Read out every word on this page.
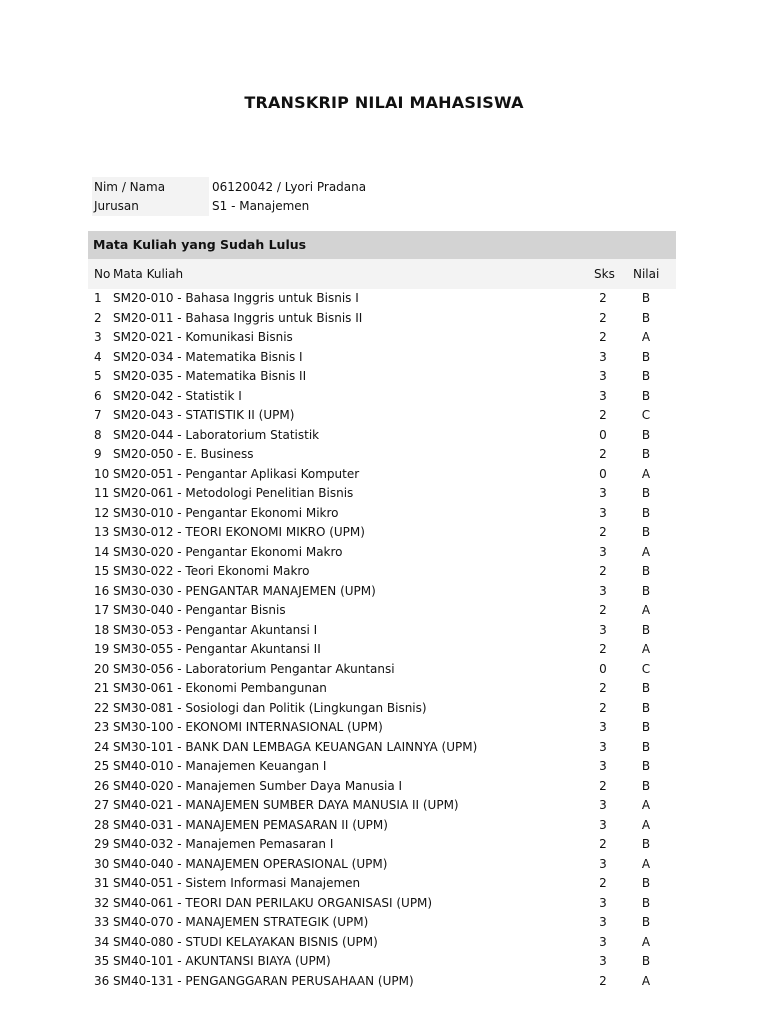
TRANSKRIP NILAI MAHASISWA
Nim / Nama	06120042 / Lyori Pradana
Jurusan	S1 - Manajemen
Mata Kuliah yang Sudah Lulus
No Mata Kuliah	Sks Nilai
1 SM20-010 - Bahasa Inggris untuk Bisnis I	2	B
2 SM20-011 - Bahasa Inggris untuk Bisnis II	2	B
3 SM20-021 - Komunikasi Bisnis	2	A
4 SM20-034 - Matematika Bisnis I	3	B
5 SM20-035 - Matematika Bisnis II	3	B
6 SM20-042 - Statistik I	3	B
7 SM20-043 - STATISTIK II (UPM)	2	C
8 SM20-044 - Laboratorium Statistik	0	B
9 SM20-050 - E. Business	2	B
10 SM20-051 - Pengantar Aplikasi Komputer	0	A
11 SM20-061 - Metodologi Penelitian Bisnis	3	B
12 SM30-010 - Pengantar Ekonomi Mikro	3	B
13 SM30-012 - TEORI EKONOMI MIKRO (UPM)	2	B
14 SM30-020 - Pengantar Ekonomi Makro	3	A
15 SM30-022 - Teori Ekonomi Makro	2	B
16 SM30-030 - PENGANTAR MANAJEMEN (UPM)	3	B
17 SM30-040 - Pengantar Bisnis	2	A
18 SM30-053 - Pengantar Akuntansi I	3	B
19 SM30-055 - Pengantar Akuntansi II	2	A
20 SM30-056 - Laboratorium Pengantar Akuntansi	0	C
21 SM30-061 - Ekonomi Pembangunan	2	B
22 SM30-081 - Sosiologi dan Politik (Lingkungan Bisnis)	2	B
23 SM30-100 - EKONOMI INTERNASIONAL (UPM)	3	B
24 SM30-101 - BANK DAN LEMBAGA KEUANGAN LAINNYA (UPM)	3	B
25 SM40-010 - Manajemen Keuangan I	3	B
26 SM40-020 - Manajemen Sumber Daya Manusia I	2	B
27 SM40-021 - MANAJEMEN SUMBER DAYA MANUSIA II (UPM)	3	A
28 SM40-031 - MANAJEMEN PEMASARAN II (UPM)	3	A
29 SM40-032 - Manajemen Pemasaran I	2	B
30 SM40-040 - MANAJEMEN OPERASIONAL (UPM)	3	A
31 SM40-051 - Sistem Informasi Manajemen	2	B
32 SM40-061 - TEORI DAN PERILAKU ORGANISASI (UPM)	3	B
33 SM40-070 - MANAJEMEN STRATEGIK (UPM)	3	B
34 SM40-080 - STUDI KELAYAKAN BISNIS (UPM)	3	A
35 SM40-101 - AKUNTANSI BIAYA (UPM)	3	B
36 SM40-131 - PENGANGGARAN PERUSAHAAN (UPM)	2	A
